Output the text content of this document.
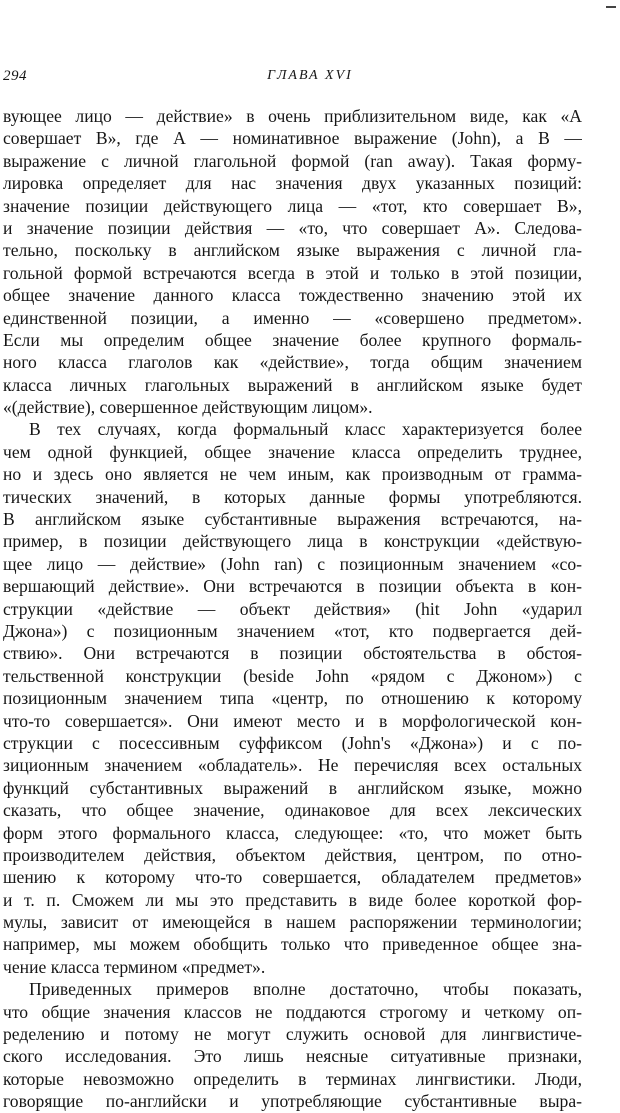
294	ГЛАВА XVI
вующее лицо — действие» в очень приблизительном виде, как «А
совершает В», где А — номинативное выражение (John), а В —
выражение с личной глагольной формой (ran away). Такая форму-
лировка определяет для нас значения двух указанных позиций:
значение позиции действующего лица — «тот, кто совершает В»,
и значение позиции действия — «то, что совершает А». Следова-
тельно, поскольку в английском языке выражения с личной гла-
гольной формой встречаются всегда в этой и только в этой позиции,
общее значение данного класса тождественно значению этой их
единственной позиции, а именно — «совершено предметом».
Если мы определим общее значение более крупного формаль-
ного класса глаголов как «действие», тогда общим значением
класса личных глагольных выражений в английском языке будет
«(действие), совершенное действующим лицом».
В тех случаях, когда формальный класс характеризуется более
чем одной функцией, общее значение класса определить труднее,
но и здесь оно является не чем иным, как производным от грамма-
тических значений, в которых данные формы употребляются.
В английском языке субстантивные выражения встречаются, на-
пример, в позиции действующего лица в конструкции «действую-
щее лицо — действие» (John ran) с позиционным значением «со-
вершающий действие». Они встречаются в позиции объекта в кон-
струкции «действие — объект действия» (hit John «ударил
Джона») с позиционным значением «тот, кто подвергается дей-
ствию». Они встречаются в позиции обстоятельства в обстоя-
тельственной конструкции (beside John «рядом с Джоном») с
позиционным значением типа «центр, по отношению к которому
что-то совершается». Они имеют место и в морфологической кон-
струкции с посессивным суффиксом (John's «Джона») и с по-
зиционным значением «обладатель». Не перечисляя всех остальных
функций субстантивных выражений в английском языке, можно
сказать, что общее значение, одинаковое для всех лексических
форм этого формального класса, следующее: «то, что может быть
производителем действия, объектом действия, центром, по отно-
шению к которому что-то совершается, обладателем предметов»
и т. п. Сможем ли мы это представить в виде более короткой фор-
мулы, зависит от имеющейся в нашем распоряжении терминологии;
например, мы можем обобщить только что приведенное общее зна-
чение класса термином «предмет».
Приведенных примеров вполне достаточно, чтобы показать,
что общие значения классов не поддаются строгому и четкому оп-
ределению и потому не могут служить основой для лингвистиче-
ского исследования. Это лишь неясные ситуативные признаки,
которые невозможно определить в терминах лингвистики. Люди,
говорящие по-английски и употребляющие субстантивные выра-
